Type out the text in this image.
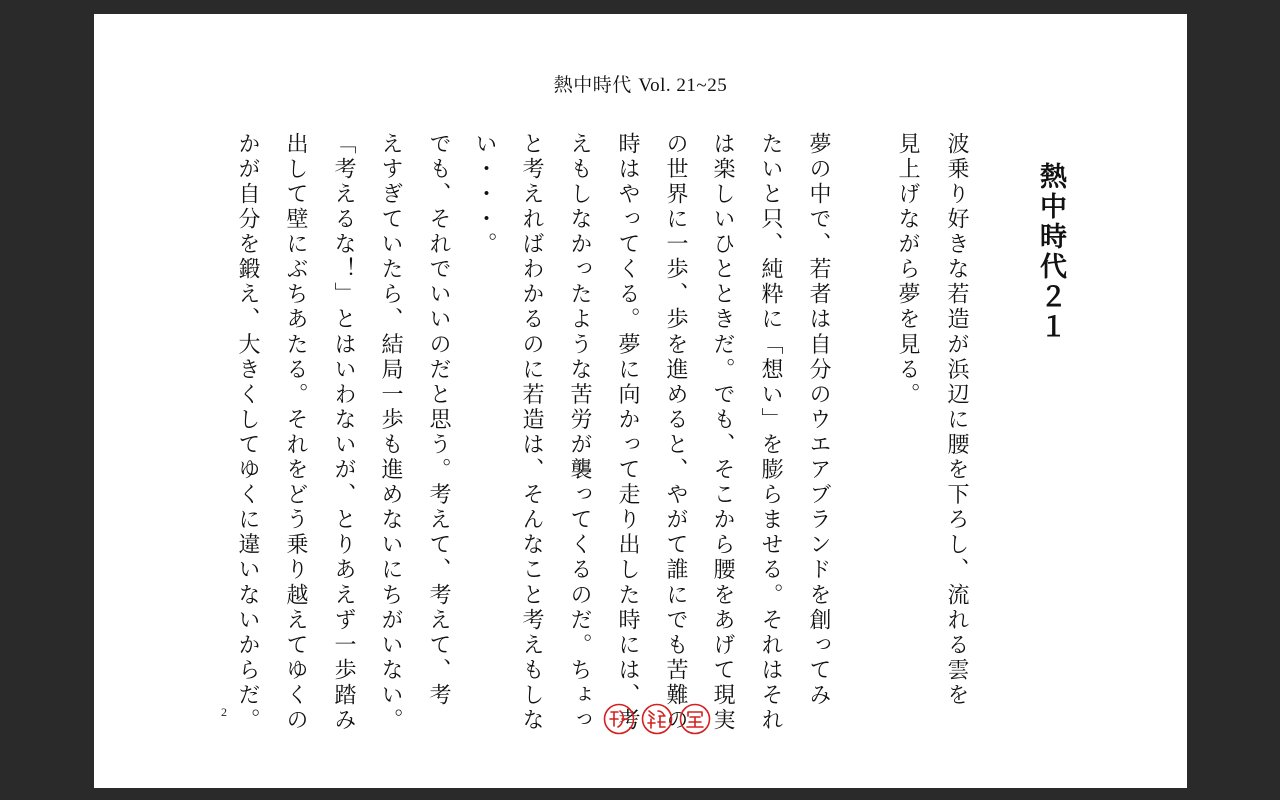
熱中時代 Vol. 21~25
熱中時代２１
波乗り好きな若造が浜辺に腰を下ろし、流れる雲を
見上げながら夢を見る。
夢の中で、若者は自分のウエアブランドを創ってみ
たいと只、純粋に「想い」を膨らませる。それはそれ
は楽しいひとときだ。でも、そこから腰をあげて現実
の世界に一歩、歩を進めると、やがて誰にでも苦難の
時はやってくる。夢に向かって走り出した時には、考
えもしなかったような苦労が襲ってくるのだ。ちょっ
と考えればわかるのに若造は、そんなこと考えもしな
い・・・。
でも、それでいいのだと思う。考えて、考えて、考
えすぎていたら、結局一歩も進めないにちがいない。
「考えるな！」とはいわないが、とりあえず一歩踏み
出して壁にぶちあたる。それをどう乗り越えてゆくの
かが自分を鍛え、大きくしてゆくに違いないからだ。
2
